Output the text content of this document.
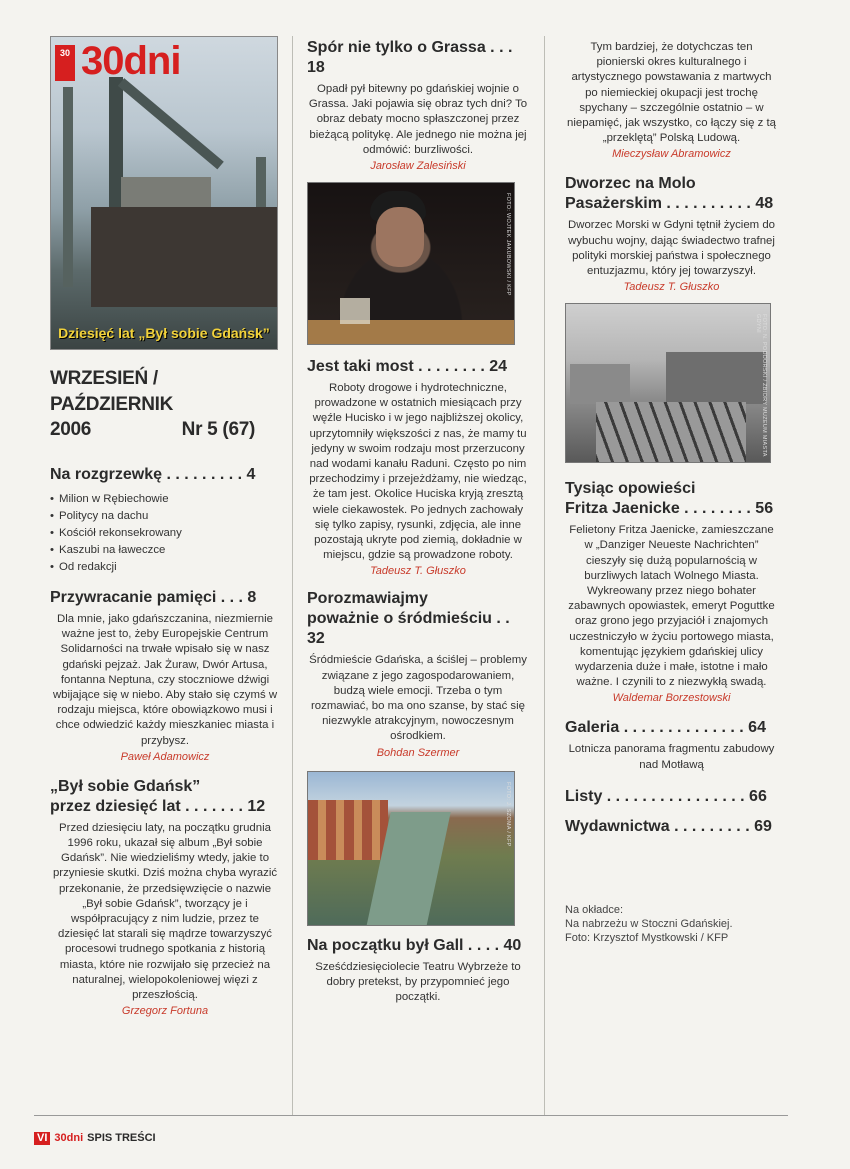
30 30dni
Dziesięć lat „Był sobie Gdańsk”
WRZESIEŃ / PAŹDZIERNIK
2006	Nr 5 (67)
Na rozgrzewkę . . . . . . . . . 4
• Milion w Rębiechowie
• Politycy na dachu
• Kościół rekonsekrowany
• Kaszubi na ławeczce
• Od redakcji
Przywracanie pamięci . . . 8
Dla mnie, jako gdańszczanina, niezmiernie ważne jest to, żeby Europejskie Centrum Solidarności na trwałe wpisało się w nasz gdański pejzaż. Jak Żuraw, Dwór Artusa, fontanna Neptuna, czy stoczniowe dźwigi wbijające się w niebo. Aby stało się czymś w rodzaju miejsca, które obowiązkowo musi i chce odwiedzić każdy mieszkaniec miasta i przybysz.
Paweł Adamowicz
„Był sobie Gdańsk”
przez dziesięć lat . . . . . . . 12
Przed dziesięciu laty, na początku grudnia 1996 roku, ukazał się album „Był sobie Gdańsk”. Nie wiedzieliśmy wtedy, jakie to przyniesie skutki. Dziś można chyba wyrazić przekonanie, że przedsięwzięcie o nazwie „Był sobie Gdańsk”, tworzący je i współpracujący z nim ludzie, przez te dziesięć lat starali się mądrze towarzyszyć procesowi trudnego spotkania z historią miasta, które nie rozwijało się przecież na naturalnej, wielopokoleniowej więzi z przeszłością.
Grzegorz Fortuna
Spór nie tylko o Grassa . . . 18
Opadł pył bitewny po gdańskiej wojnie o Grassa. Jaki pojawia się obraz tych dni? To obraz debaty mocno spłaszczonej przez bieżącą politykę. Ale jednego nie można jej odmówić: burzliwości.
Jarosław Zalesiński
FOTO: WOJTEK JAKUBOWSKI / KFP
Jest taki most . . . . . . . . 24
Roboty drogowe i hydrotechniczne, prowadzone w ostatnich miesiącach przy węźle Hucisko i w jego najbliższej okolicy, uprzytomniły większości z nas, że mamy tu jedyny w swoim rodzaju most przerzucony nad wodami kanału Raduni. Często po nim przechodzimy i przejeżdżamy, nie wiedząc, że tam jest. Okolice Huciska kryją zresztą wiele ciekawostek. Po jednych zachowały się tylko zapisy, rysunki, zdjęcia, ale inne pozostają ukryte pod ziemią, dokładnie w miejscu, gdzie są prowadzone roboty.
Tadeusz T. Głuszko
Porozmawiajmy
poważnie o śródmieściu . . 32
Śródmieście Gdańska, a ściślej – problemy związane z jego zagospodarowaniem, budzą wiele emocji. Trzeba o tym rozmawiać, bo ma ono szanse, by stać się niezwykle atrakcyjnym, nowoczesnym ośrodkiem.
Bohdan Szermer
FOTO: J. SZOMA / KFP
Na początku był Gall . . . . 40
Sześćdziesięciolecie Teatru Wybrzeże to dobry pretekst, by przypomnieć jego początki.
Tym bardziej, że dotychczas ten pionierski okres kulturalnego i artystycznego powstawania z martwych po niemieckiej okupacji jest trochę spychany – szczególnie ostatnio – w niepamięć, jak wszystko, co łączy się z tą „przeklętą” Polską Ludową.
Mieczysław Abramowicz
Dworzec na Molo
Pasażerskim . . . . . . . . . . 48
Dworzec Morski w Gdyni tętnił życiem do wybuchu wojny, dając świadectwo trafnej polityki morskiej państwa i społecznego entuzjazmu, który jej towarzyszył.
Tadeusz T. Głuszko
FOTO: N. PODDORSKI / ZBIORY MUZEUM MIASTA GDYNI
Tysiąc opowieści
Fritza Jaenicke . . . . . . . . 56
Felietony Fritza Jaenicke, zamieszczane w „Danziger Neueste Nachrichten” cieszyły się dużą popularnością w burzliwych latach Wolnego Miasta. Wykreowany przez niego bohater zabawnych opowiastek, emeryt Poguttke oraz grono jego przyjaciół i znajomych uczestniczyło w życiu portowego miasta, komentując językiem gdańskiej ulicy wydarzenia duże i małe, istotne i mało ważne. I czynili to z niezwykłą swadą.
Waldemar Borzestowski
Galeria . . . . . . . . . . . . . . 64
Lotnicza panorama fragmentu zabudowy nad Motławą
Listy . . . . . . . . . . . . . . . . 66
Wydawnictwa . . . . . . . . . 69
Na okładce:
Na nabrzeżu w Stoczni Gdańskiej.
Foto: Krzysztof Mystkowski / KFP
VI 30dni SPIS TREŚCI
